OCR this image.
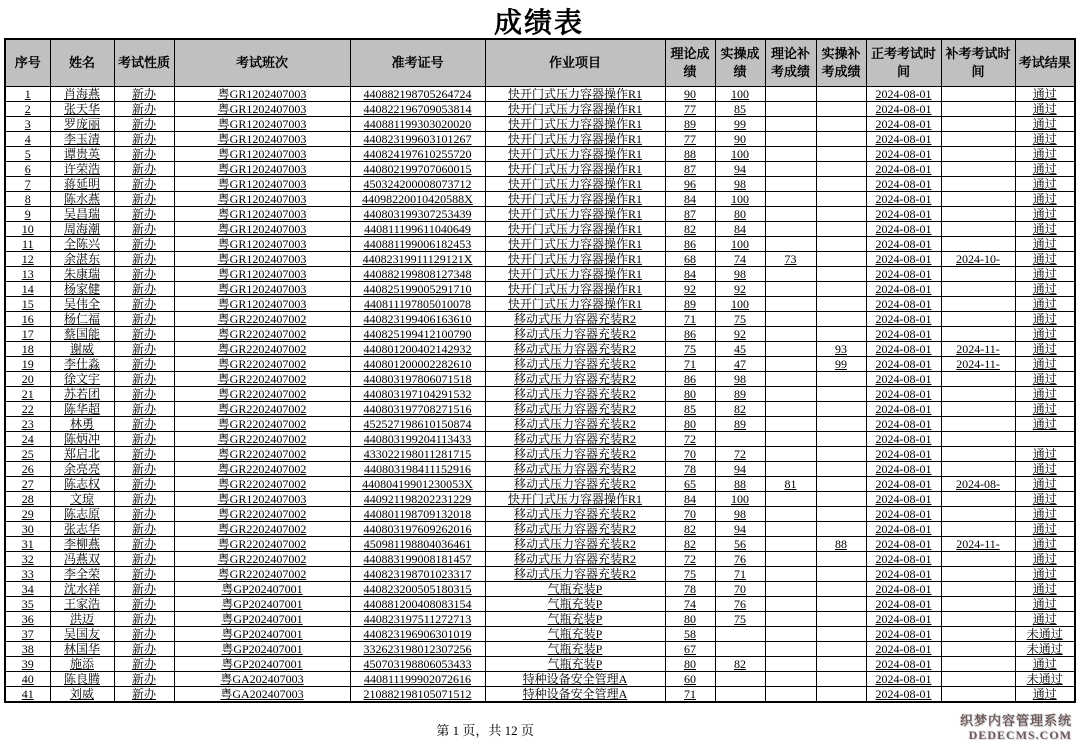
成绩表
序号	姓名	考试性质	考试班次	准考证号	作业项目	理论成绩	实操成绩	理论补考成绩	实操补考成绩	正考考试时间	补考考试时间	考试结果
1	肖海燕	新办	粤GR1202407003	440882198705264724	快开门式压力容器操作R1	90	100			2024-08-01		通过
2	张天华	新办	粤GR1202407003	440822196709053814	快开门式压力容器操作R1	77	85			2024-08-01		通过
3	罗庞丽	新办	粤GR1202407003	440881199303020020	快开门式压力容器操作R1	89	99			2024-08-01		通过
4	李玉清	新办	粤GR1202407003	440823199603101267	快开门式压力容器操作R1	77	90			2024-08-01		通过
5	谭贵英	新办	粤GR1202407003	440824197610255720	快开门式压力容器操作R1	88	100			2024-08-01		通过
6	许荣浩	新办	粤GR1202407003	440802199707060015	快开门式压力容器操作R1	87	94			2024-08-01		通过
7	蒋延明	新办	粤GR1202407003	450324200008073712	快开门式压力容器操作R1	96	98			2024-08-01		通过
8	陈水燕	新办	粤GR1202407003	44098220010420588X	快开门式压力容器操作R1	84	100			2024-08-01		通过
9	吴昌瑞	新办	粤GR1202407003	440803199307253439	快开门式压力容器操作R1	87	80			2024-08-01		通过
10	周海潮	新办	粤GR1202407003	440811199611040649	快开门式压力容器操作R1	82	84			2024-08-01		通过
11	全陈兴	新办	粤GR1202407003	440881199006182453	快开门式压力容器操作R1	86	100			2024-08-01		通过
12	余湛东	新办	粤GR1202407003	44082319911129121X	快开门式压力容器操作R1	68	74	73		2024-08-01	2024-10-	通过
13	朱康瑞	新办	粤GR1202407003	440882199808127348	快开门式压力容器操作R1	84	98			2024-08-01		通过
14	杨家健	新办	粤GR1202407003	440825199005291710	快开门式压力容器操作R1	92	92			2024-08-01		通过
15	吴伟全	新办	粤GR1202407003	440811197805010078	快开门式压力容器操作R1	89	100			2024-08-01		通过
16	杨仁福	新办	粤GR2202407002	440823199406163610	移动式压力容器充装R2	71	75			2024-08-01		通过
17	蔡国能	新办	粤GR2202407002	440825199412100790	移动式压力容器充装R2	86	92			2024-08-01		通过
18	谢威	新办	粤GR2202407002	440801200402142932	移动式压力容器充装R2	75	45		93	2024-08-01	2024-11-	通过
19	李仕淼	新办	粤GR2202407002	440801200002282610	移动式压力容器充装R2	71	47		99	2024-08-01	2024-11-	通过
20	徐文宇	新办	粤GR2202407002	440803197806071518	移动式压力容器充装R2	86	98			2024-08-01		通过
21	苏若团	新办	粤GR2202407002	440803197104291532	移动式压力容器充装R2	80	89			2024-08-01		通过
22	陈华超	新办	粤GR2202407002	440803197708271516	移动式压力容器充装R2	85	82			2024-08-01		通过
23	林勇	新办	粤GR2202407002	452527198610150874	移动式压力容器充装R2	80	89			2024-08-01		通过
24	陈炳冲	新办	粤GR2202407002	440803199204113433	移动式压力容器充装R2	72				2024-08-01		
25	郑启北	新办	粤GR2202407002	433022198011281715	移动式压力容器充装R2	70	72			2024-08-01		通过
26	余亮亮	新办	粤GR2202407002	440803198411152916	移动式压力容器充装R2	78	94			2024-08-01		通过
27	陈志权	新办	粤GR2202407002	44080419901230053X	移动式压力容器充装R2	65	88	81		2024-08-01	2024-08-	通过
28	文琼	新办	粤GR1202407003	440921198202231229	快开门式压力容器操作R1	84	100			2024-08-01		通过
29	陈志原	新办	粤GR2202407002	440801198709132018	移动式压力容器充装R2	70	98			2024-08-01		通过
30	张志华	新办	粤GR2202407002	440803197609262016	移动式压力容器充装R2	82	94			2024-08-01		通过
31	李柳燕	新办	粤GR2202407002	450981198804036461	移动式压力容器充装R2	82	56		88	2024-08-01	2024-11-	通过
32	冯燕双	新办	粤GR2202407002	440883199008181457	移动式压力容器充装R2	72	76			2024-08-01		通过
33	李全荣	新办	粤GR2202407002	440823198701023317	移动式压力容器充装R2	75	71			2024-08-01		通过
34	沈水祥	新办	粤GP202407001	440823200505180315	气瓶充装P	78	70			2024-08-01		通过
35	王家浩	新办	粤GP202407001	440881200408083154	气瓶充装P	74	76			2024-08-01		通过
36	洪迈	新办	粤GP202407001	440823197511272713	气瓶充装P	80	75			2024-08-01		通过
37	吴国友	新办	粤GP202407001	440823196906301019	气瓶充装P	58				2024-08-01		未通过
38	林国华	新办	粤GP202407001	332623198012307256	气瓶充装P	67				2024-08-01		未通过
39	施添	新办	粤GP202407001	450703198806053433	气瓶充装P	80	82			2024-08-01		通过
40	陈良腾	新办	粤GA202407003	440811199902072616	特种设备安全管理A	60				2024-08-01		未通过
41	刘威	新办	粤GA202407003	210882198105071512	特种设备安全管理A	71				2024-08-01		通过
第 1 页，共 12 页
织梦内容管理系统
DEDECMS.COM
